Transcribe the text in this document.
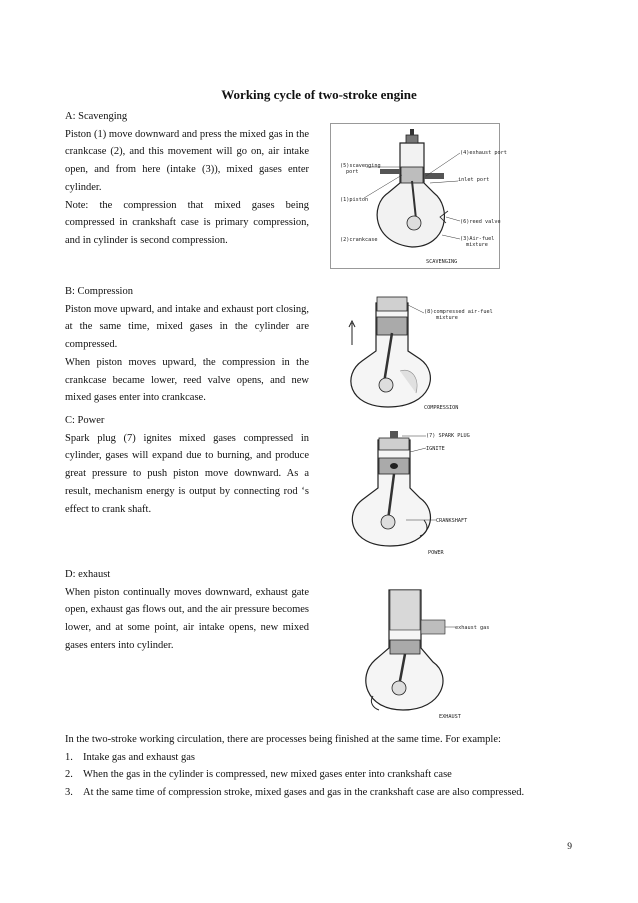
Working cycle of two-stroke engine

A: Scavenging

Piston (1) move downward and press the mixed gas in the crankcase (2), and this movement will go on, air intake open, and from here (intake (3)), mixed gases enter cylinder.

Note: the compression that mixed gases being compressed in crankshaft case is primary compression, and in cylinder is second compression.

B: Compression

Piston move upward, and intake and exhaust port closing, at the same time, mixed gases in the cylinder are compressed.

When piston moves upward, the compression in the crankcase became lower, reed valve opens, and new mixed gases enter into crankcase.

C: Power

Spark plug (7) ignites mixed gases compressed in cylinder, gases will expand due to burning, and produce great pressure to push piston move downward. As a result, mechanism energy is output by connecting rod ‘s effect to crank shaft.

D: exhaust

When piston continually moves downward, exhaust gate open, exhaust gas flows out, and the air pressure becomes lower, and at some point, air intake opens, new mixed gases enters into cylinder.

(5)scavenging
port
(4)exhaust port
inlet port
(1)piston
(6)reed valve
(3)Air-fuel
mixture
(2)crankcase
SCAVENGING
(8)compressed air-fuel
mixture
COMPRESSION
(7) SPARK PLUG
IGNITE
CRANKSHAFT
POWER
exhaust gas
EXHAUST

In the two-stroke working circulation, there are processes being finished at the same time. For example:

1. Intake gas and exhaust gas
2. When the gas in the cylinder is compressed, new mixed gases enter into crankshaft case
3. At the same time of compression stroke, mixed gases and gas in the crankshaft case are also compressed.
9
